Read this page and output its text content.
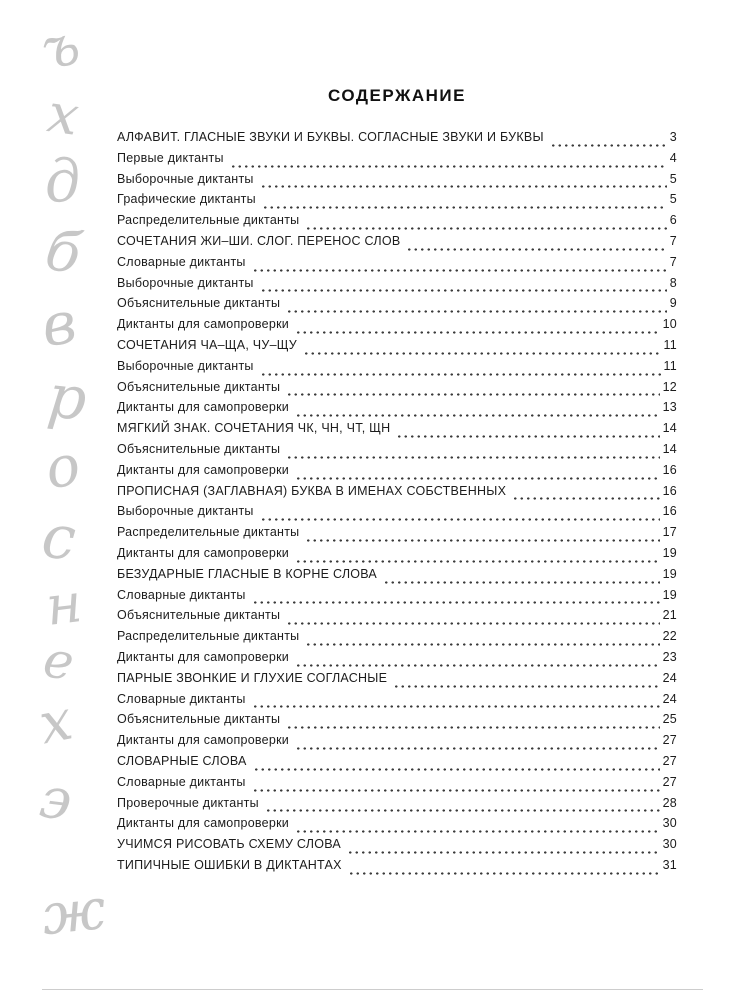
ъ
х
д
б
в
р
о
с
н
е
х
э
ж
СОДЕРЖАНИЕ
АЛФАВИТ. ГЛАСНЫЕ ЗВУКИ И БУКВЫ. СОГЛАСНЫЕ ЗВУКИ И БУКВЫ	3
Первые диктанты	4
Выборочные диктанты	5
Графические диктанты	5
Распределительные диктанты	6
СОЧЕТАНИЯ ЖИ–ШИ. СЛОГ. ПЕРЕНОС СЛОВ	7
Словарные диктанты	7
Выборочные диктанты	8
Объяснительные диктанты	9
Диктанты для самопроверки	10
СОЧЕТАНИЯ ЧА–ЩА, ЧУ–ЩУ	11
Выборочные диктанты	11
Объяснительные диктанты	12
Диктанты для самопроверки	13
МЯГКИЙ ЗНАК. СОЧЕТАНИЯ ЧК, ЧН, ЧТ, ЩН	14
Объяснительные диктанты	14
Диктанты для самопроверки	16
ПРОПИСНАЯ (ЗАГЛАВНАЯ) БУКВА В ИМЕНАХ СОБСТВЕННЫХ	16
Выборочные диктанты	16
Распределительные диктанты	17
Диктанты для самопроверки	19
БЕЗУДАРНЫЕ ГЛАСНЫЕ В КОРНЕ СЛОВА	19
Словарные диктанты	19
Объяснительные диктанты	21
Распределительные диктанты	22
Диктанты для самопроверки	23
ПАРНЫЕ ЗВОНКИЕ И ГЛУХИЕ СОГЛАСНЫЕ	24
Словарные диктанты	24
Объяснительные диктанты	25
Диктанты для самопроверки	27
СЛОВАРНЫЕ СЛОВА	27
Словарные диктанты	27
Проверочные диктанты	28
Диктанты для самопроверки	30
УЧИМСЯ РИСОВАТЬ СХЕМУ СЛОВА	30
ТИПИЧНЫЕ ОШИБКИ В ДИКТАНТАХ	31
